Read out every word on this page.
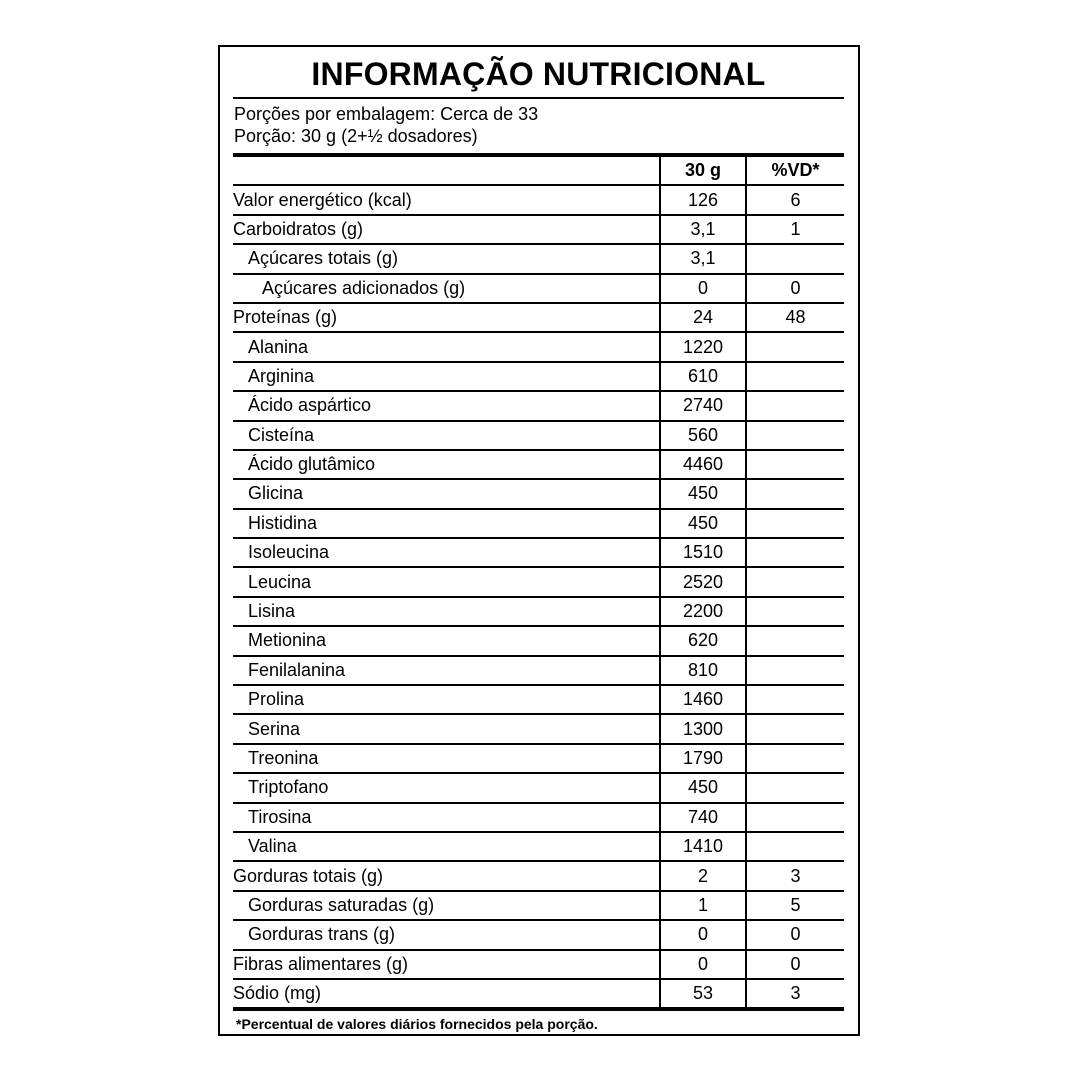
INFORMAÇÃO NUTRICIONAL
Porções por embalagem: Cerca de 33
Porção: 30 g (2+½ dosadores)
	30 g	%VD*
Valor energético (kcal)	126	6
Carboidratos (g)	3,1	1
Açúcares totais (g)	3,1	
Açúcares adicionados (g)	0	0
Proteínas (g)	24	48
Alanina	1220	
Arginina	610	
Ácido aspártico	2740	
Cisteína	560	
Ácido glutâmico	4460	
Glicina	450	
Histidina	450	
Isoleucina	1510	
Leucina	2520	
Lisina	2200	
Metionina	620	
Fenilalanina	810	
Prolina	1460	
Serina	1300	
Treonina	1790	
Triptofano	450	
Tirosina	740	
Valina	1410	
Gorduras totais (g)	2	3
Gorduras saturadas (g)	1	5
Gorduras trans (g)	0	0
Fibras alimentares (g)	0	0
Sódio (mg)	53	3
*Percentual de valores diários fornecidos pela porção.
